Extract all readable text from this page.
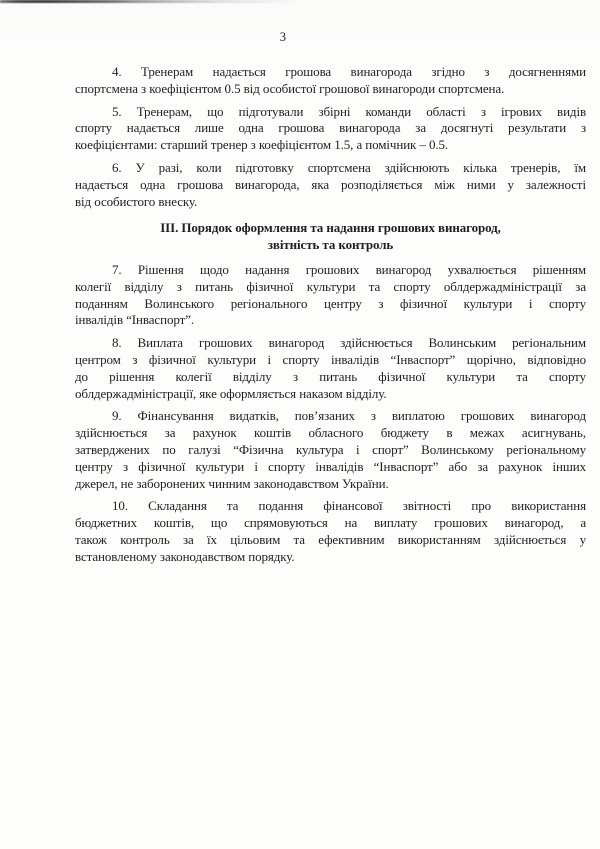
3
4. Тренерам надається грошова винагорода згідно з досягненнями
спортсмена з коефіцієнтом 0.5 від особистої грошової винагороди спортсмена.
5. Тренерам, що підготували збірні команди області з ігрових видів
спорту надається лише одна грошова винагорода за досягнуті результати з
коефіцієнтами: старший тренер з коефіцієнтом 1.5, а помічник – 0.5.
6. У разі, коли підготовку спортсмена здійснюють кілька тренерів, їм
надається одна грошова винагорода, яка розподіляється між ними у залежності
від особистого внеску.
ІІІ. Порядок оформлення та надання грошових винагород,
звітність та контроль
7. Рішення щодо надання грошових винагород ухвалюється рішенням
колегії відділу з питань фізичної культури та спорту облдержадміністрації за
поданням Волинського регіонального центру з фізичної культури і спорту
інвалідів “Інваспорт”.
8. Виплата грошових винагород здійснюється Волинським регіональним
центром з фізичної культури і спорту інвалідів “Інваспорт” щорічно, відповідно
до рішення колегії відділу з питань фізичної культури та спорту
облдержадміністрації, яке оформляється наказом відділу.
9. Фінансування видатків, пов’язаних з виплатою грошових винагород
здійснюється за рахунок коштів обласного бюджету в межах асигнувань,
затверджених по галузі “Фізична культура і спорт” Волинському регіональному
центру з фізичної культури і спорту інвалідів “Інваспорт” або за рахунок інших
джерел, не заборонених чинним законодавством України.
10. Складання та подання фінансової звітності про використання
бюджетних коштів, що спрямовуються на виплату грошових винагород, а
також контроль за їх цільовим та ефективним використанням здійснюється у
встановленому законодавством порядку.
